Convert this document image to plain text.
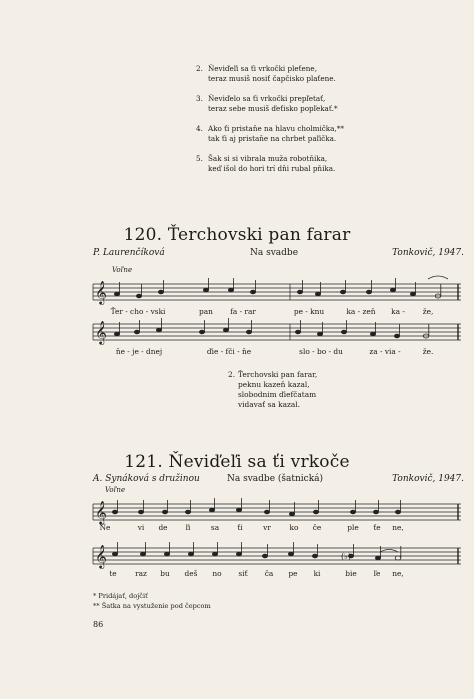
2. Ňeviďeľi sa ťi vrkočki pleťene,
teraz musiš nosiť čapčisko plaťene.
3. Ňeviďelo sa ťi vrkočki prepľetať,
teraz sebe musiš ďeťisko popľekať.*
4. Ako ťi pristaňe na hlavu cholmička,**
tak ťi aj pristaňe na chrbet paľička.
5. Šak si si vibrala muža robotňika,
keď išol do hori trí dňi rubal pňika.
120. Ťerchovski pan farar
P. Laurenčíková	Na svadbe	Tonkovič, 1947.
Voľne
𝄞
Ťer - cho - vski	pan fa - rar	pe - knu	ka - zeň ka - že,
𝄞
ňe - je - dnej	ďie - fči - ňe	slo - bo - du	za - via -	že.
2. Ťerchovski pan farar,
peknu kazeň kazal,
slobodnim ďiefčatam
vidavať sa kazal.
121. Ňeviďeľi sa ťi vrkoče
A. Synáková s družinou	Na svadbe (šatnická)	Tonkovič, 1947.
Voľne
𝄞
Ňe	vi de ľi	sa ťi	vr	ko če	ple ťe ne,
𝄞	(♭)
te raz bu deš no siť ča pe ki	bie ľe ne,
* Pridájať, dojčiť
** Šatka na vystuženie pod čepcom
86
